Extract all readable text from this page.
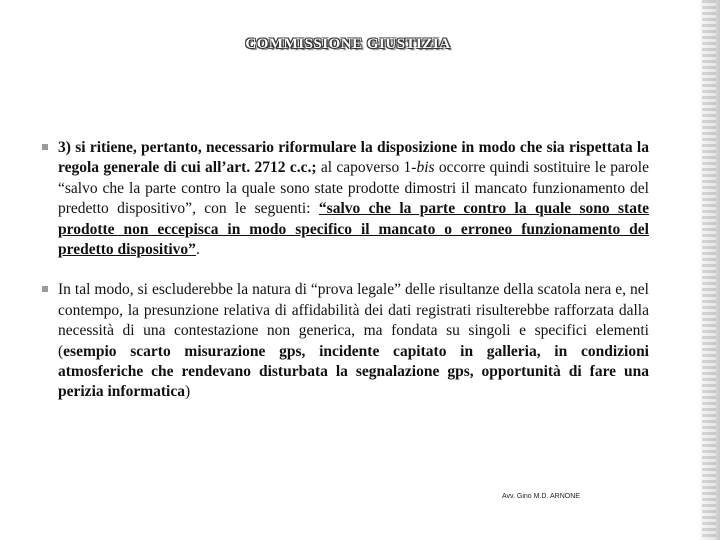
COMMISSIONE GIUSTIZIA
3) si ritiene, pertanto, necessario riformulare la disposizione in modo che sia rispettata la regola generale di cui all’art. 2712 c.c.; al capoverso 1-bis occorre quindi sostituire le parole “salvo che la parte contro la quale sono state prodotte dimostri il mancato funzionamento del predetto dispositivo”, con le seguenti: “salvo che la parte contro la quale sono state prodotte non eccepisca in modo specifico il mancato o erroneo funzionamento del predetto dispositivo”.
In tal modo, si escluderebbe la natura di “prova legale” delle risultanze della scatola nera e, nel contempo, la presunzione relativa di affidabilità dei dati registrati risulterebbe rafforzata dalla necessità di una contestazione non generica, ma fondata su singoli e specifici elementi (esempio scarto misurazione gps, incidente capitato in galleria, in condizioni atmosferiche che rendevano disturbata la segnalazione gps, opportunità di fare una perizia informatica)
Avv. Gino M.D. ARNONE
